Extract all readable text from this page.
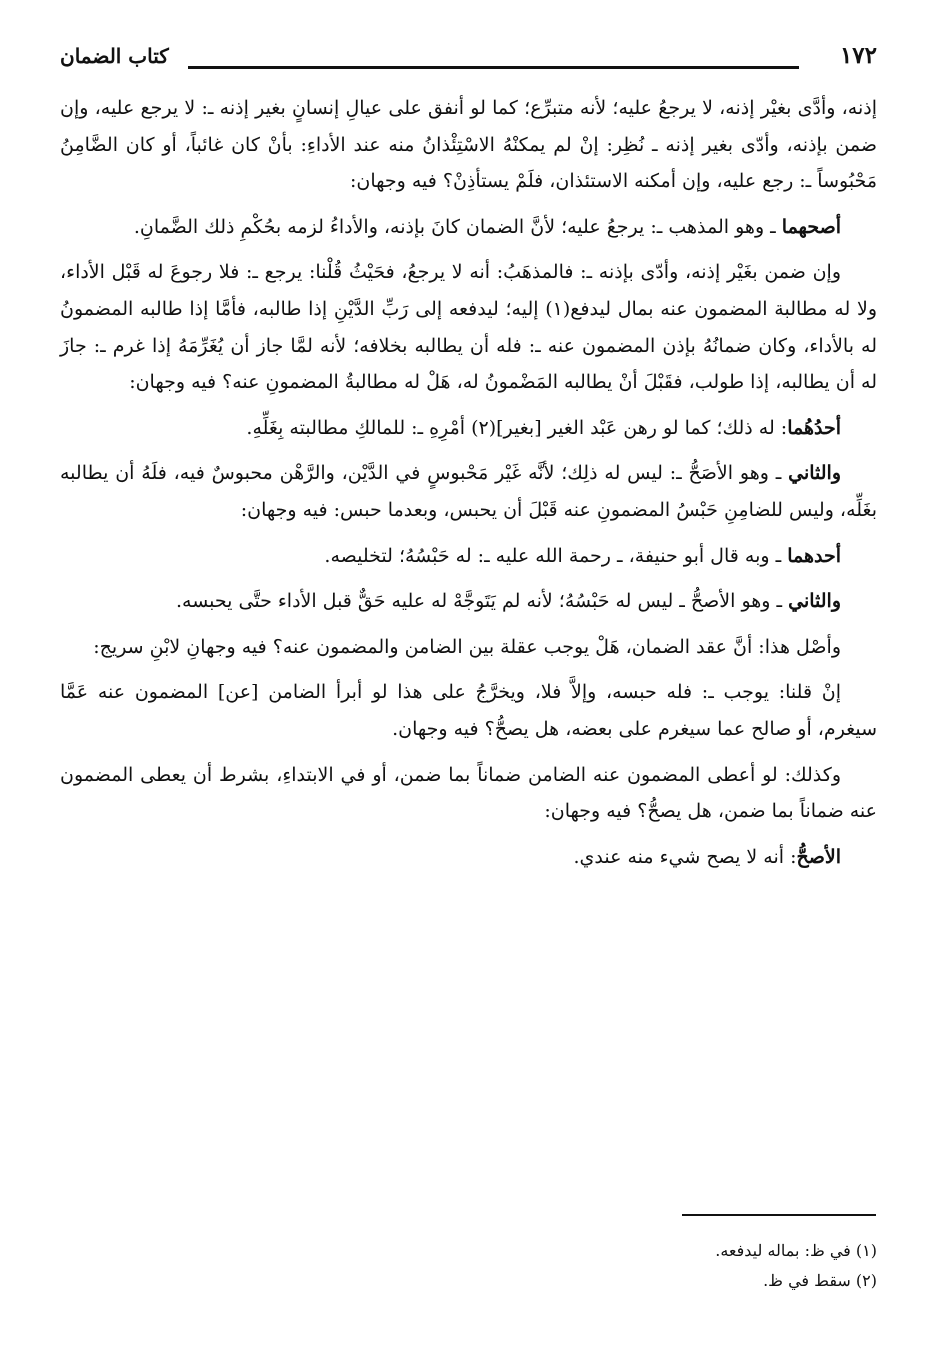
١٧٢
كتاب الضمان

إذنه، وأدَّى بغيْر إذنه، لا يرجعُ عليه؛ لأنه متبرِّع؛ كما لو أنفق على عيالِ إنسانٍ بغير إذنه ـ: لا يرجع عليه، وإن ضمن بإذنه، وأدّى بغير إذنه ـ نُظِر: إنْ لم يمكنْهُ الاسْتِئْذانُ منه عند الأداءِ: بأنْ كان غائباً، أو كان الضَّامِنُ مَحْبُوساً ـ: رجع عليه، وإن أمكنه الاستئذان، فلَمْ يستأذِنْ؟ فيه وجهان:

أصحهما ـ وهو المذهب ـ: يرجعُ عليه؛ لأنَّ الضمان كانَ بإذنه، والأداءُ لزمه بحُكْمِ ذلك الضَّمانِ.

وإن ضمن بغَيْر إذنه، وأدّى بإذنه ـ: فالمذهَبُ: أنه لا يرجعُ، فحَيْثُ قُلْنا: يرجع ـ: فلا رجوعَ له قَبْل الأداء، ولا له مطالبة المضمون عنه بمال ليدفع(١) إليه؛ ليدفعه إلى رَبِّ الدَّيْنِ إذا طالبه، فأمَّا إذا طالبه المضمونُ له بالأداء، وكان ضمانُهُ بإذن المضمون عنه ـ: فله أن يطالبه بخلافه؛ لأنه لمَّا جاز أن يُغَرِّمَهُ إذا غرم ـ: جازَ له أن يطالبه، إذا طولب، فقَبْلَ أنْ يطالبه المَضْمونُ له، هَلْ له مطالبةُ المضمونِ عنه؟ فيه وجهان:

أحدُهُما: له ذلك؛ كما لو رهن عَبْد الغير [بغير](٢) أمْرِهِ ـ: للمالكِ مطالبته بِغَلِّهِ.

والثاني ـ وهو الأصَحُّ ـ: ليس له ذلِك؛ لأنَّه غَيْر مَحْبوسٍ في الدَّيْن، والرَّهْن محبوسٌ فيه، فلَهُ أن يطالبه بغَلِّه، وليس للضامِنِ حَبْسُ المضمونِ عنه قَبْلَ أن يحبس، وبعدما حبس: فيه وجهان:

أحدهما ـ وبه قال أبو حنيفة، ـ رحمة الله عليه ـ: له حَبْسُهُ؛ لتخليصه.

والثاني ـ وهو الأصحُّ ـ ليس له حَبْسُهُ؛ لأنه لم يَتَوجَّهْ له عليه حَقٌّ قبل الأداء حتَّى يحبسه.

وأصْل هذا: أنَّ عقد الضمان، هَلْ يوجب عقلة بين الضامن والمضمون عنه؟ فيه وجهانِ لابْنِ سريج:

إنْ قلنا: يوجب ـ: فله حبسه، وإلاَّ فلا، ويخرَّجُ على هذا لو أبرأ الضامن [عن] المضمون عنه عَمَّا سيغرم، أو صالح عما سيغرم على بعضه، هل يصحُّ؟ فيه وجهان.

وكذلك: لو أعطى المضمون عنه الضامن ضماناً بما ضمن، أو في الابتداءِ، بشرط أن يعطى المضمون عنه ضماناً بما ضمن، هل يصحُّ؟ فيه وجهان:

الأصحُّ: أنه لا يصح شيء منه عندي.

(١) في ظ: بماله ليدفعه.
(٢) سقط في ظ.
